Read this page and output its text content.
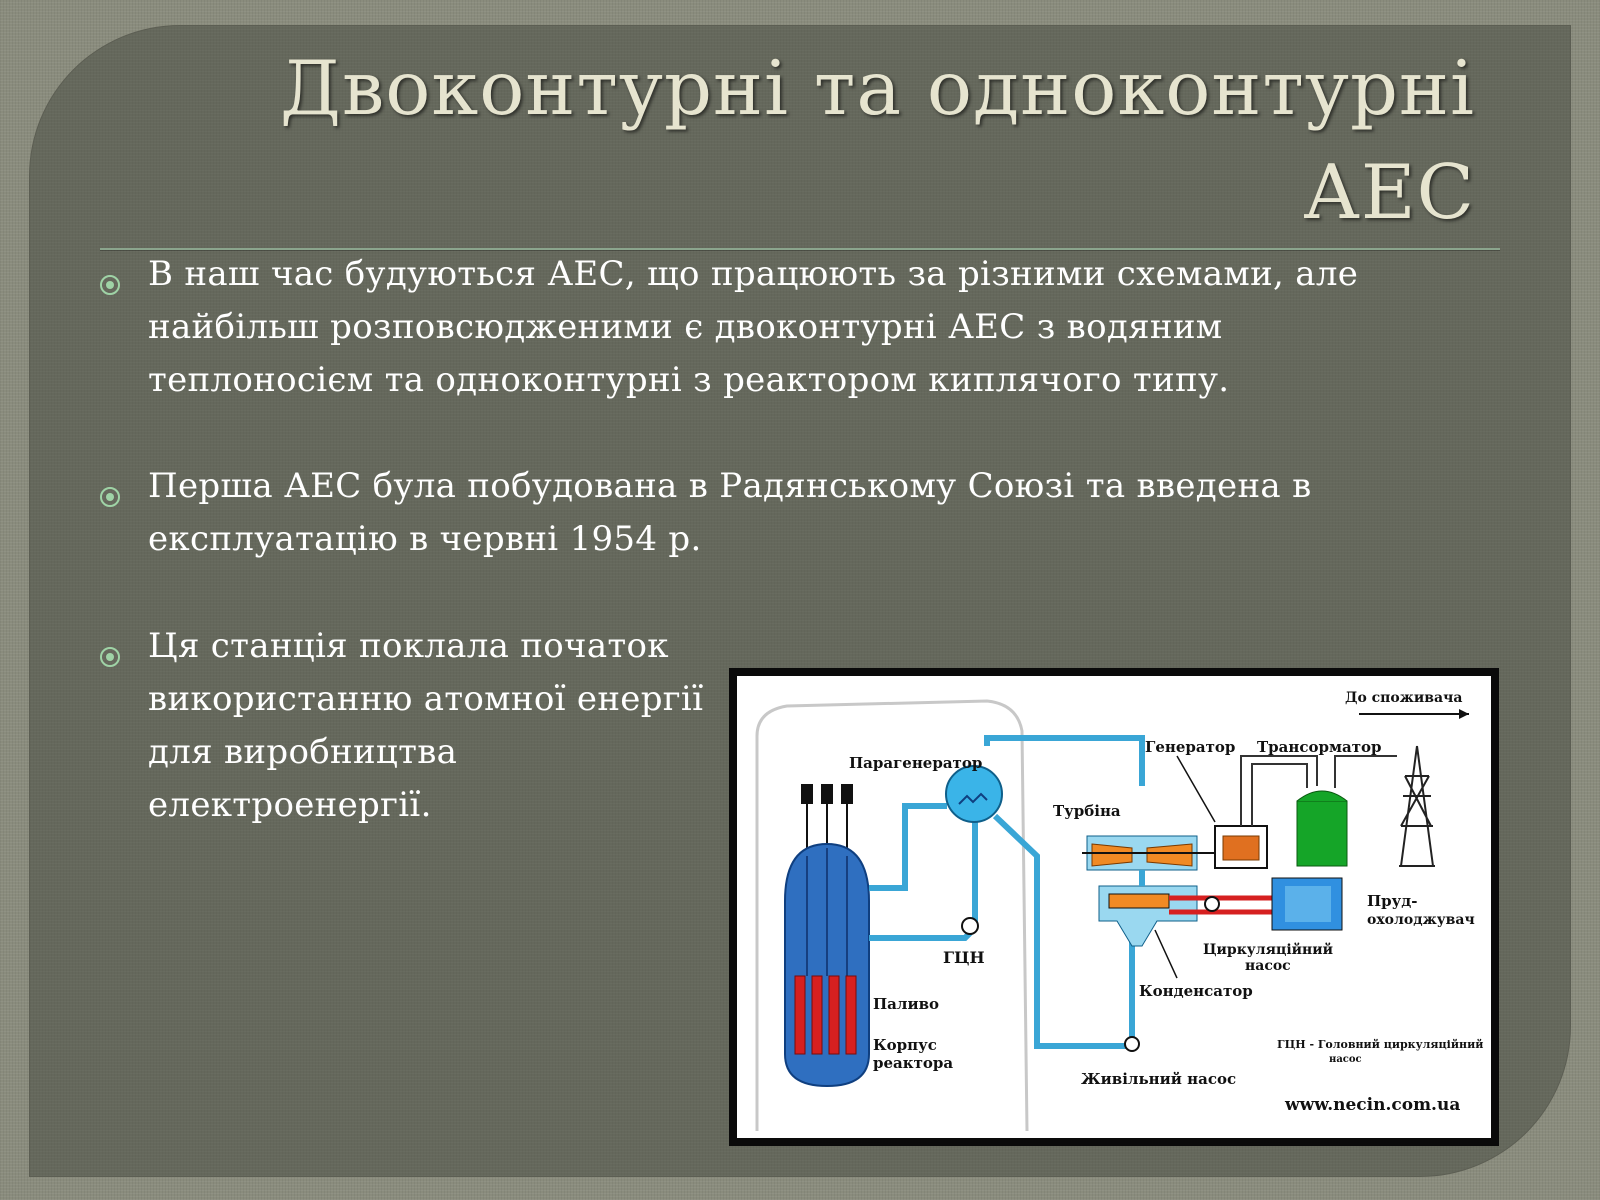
Двоконтурні та одноконтурні
АЕС
В наш час будуються АЕС, що працюють за різними схемами, але найбільш розповсюдженими є двоконтурні АЕС з водяним теплоносієм та одноконтурні з реактором киплячого типу.
Перша АЕС була побудована в Радянському Союзі та введена в експлуатацію в червні 1954 р.
Ця станція поклала початок використанню атомної енергії для виробництва електроенергії.
До споживача
Парагенератор
Генератор Трансорматор
Турбіна
Пруд-
охолоджувач
Циркуляційний
насос
ГЦН
Конденсатор
Паливо
Корпус
реактора
ГЦН - Головний циркуляційний
насос
Живільний насос
www.necin.com.ua
